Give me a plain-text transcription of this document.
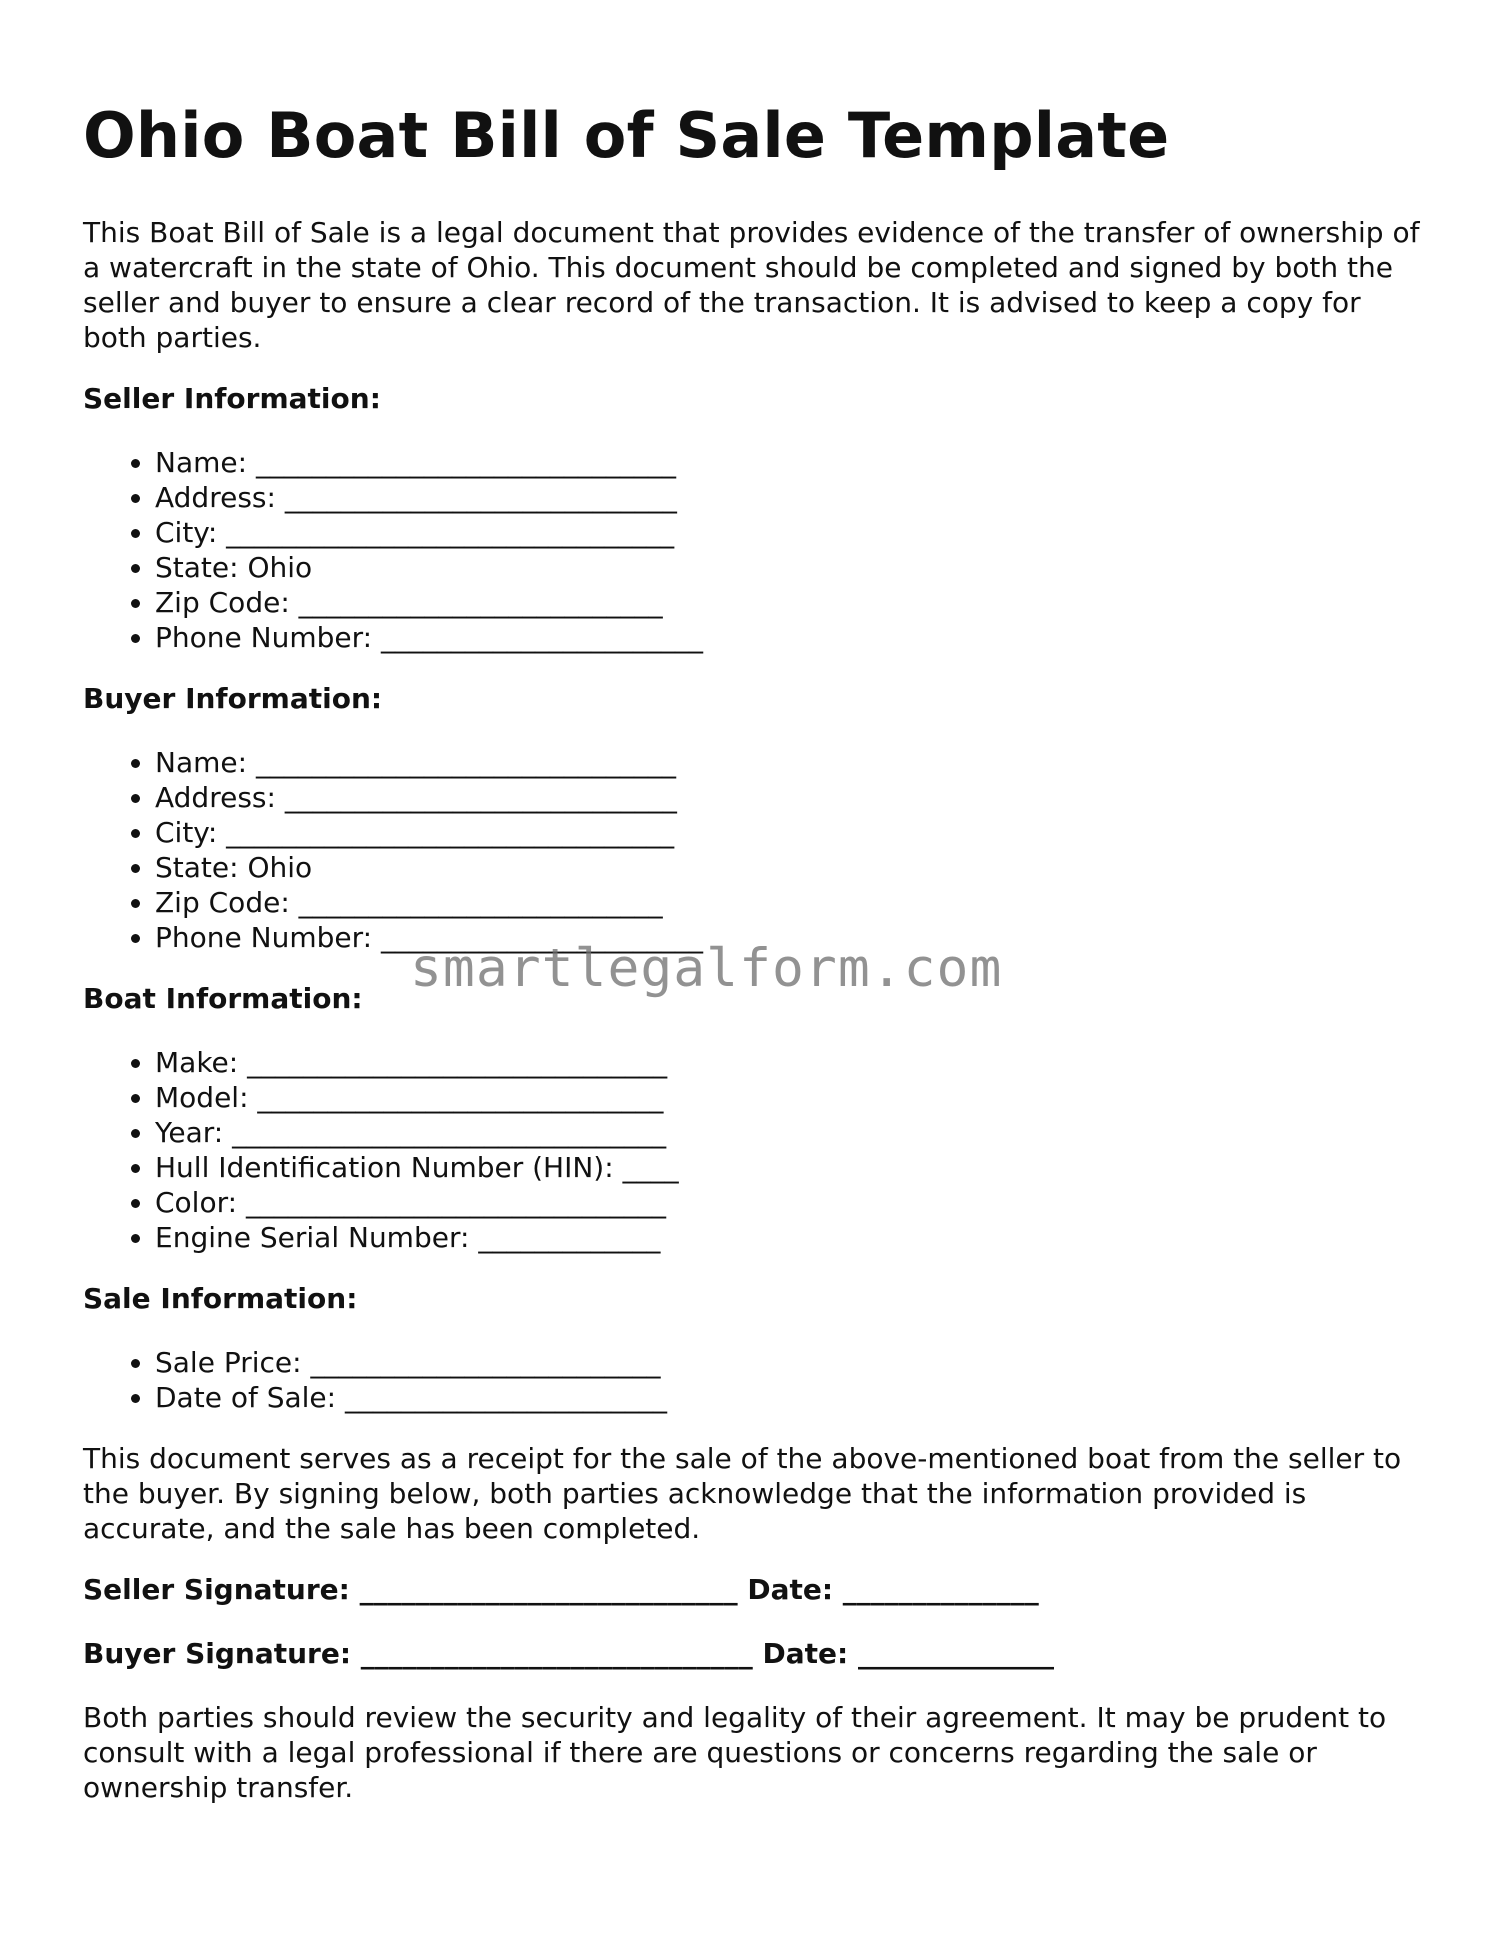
Ohio Boat Bill of Sale Template

This Boat Bill of Sale is a legal document that provides evidence of the transfer of ownership of a watercraft in the state of Ohio. This document should be completed and signed by both the seller and buyer to ensure a clear record of the transaction. It is advised to keep a copy for both parties.

Seller Information:
• Name: ______________________________
• Address: ____________________________
• City: ________________________________
• State: Ohio
• Zip Code: __________________________
• Phone Number: _______________________
Buyer Information:
• Name: ______________________________
• Address: ____________________________
• City: ________________________________
• State: Ohio
• Zip Code: __________________________
• Phone Number: _______________________
Boat Information:
• Make: ______________________________
• Model: _____________________________
• Year: _______________________________
• Hull Identification Number (HIN): ____
• Color: ______________________________
• Engine Serial Number: _____________
Sale Information:
• Sale Price: _________________________
• Date of Sale: _______________________

This document serves as a receipt for the sale of the above-mentioned boat from the seller to the buyer. By signing below, both parties acknowledge that the information provided is accurate, and the sale has been completed.

Seller Signature: ___________________________ Date: ______________
Buyer Signature: ____________________________ Date: ______________

Both parties should review the security and legality of their agreement. It may be prudent to consult with a legal professional if there are questions or concerns regarding the sale or ownership transfer.

smartlegalform.com
